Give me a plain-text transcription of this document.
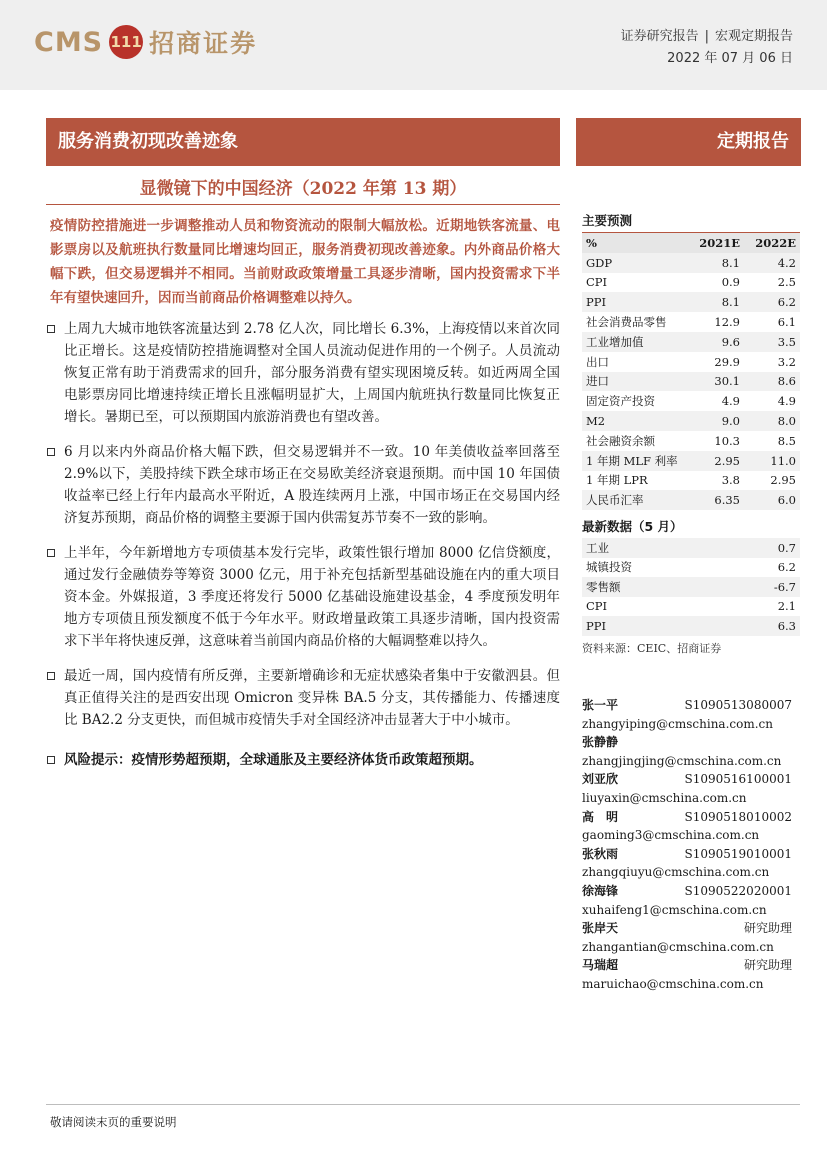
CMS 111 招商证券	证券研究报告 | 宏观定期报告
2022 年 07 月 06 日
服务消费初现改善迹象	定期报告
显微镜下的中国经济（2022 年第 13 期）
疫情防控措施进一步调整推动人员和物资流动的限制大幅放松。近期地铁客流量、电影票房以及航班执行数量同比增速均回正，服务消费初现改善迹象。内外商品价格大幅下跌，但交易逻辑并不相同。当前财政政策增量工具逐步清晰，国内投资需求下半年有望快速回升，因而当前商品价格调整难以持久。
上周九大城市地铁客流量达到 2.78 亿人次，同比增长 6.3%，上海疫情以来首次同比正增长。这是疫情防控措施调整对全国人员流动促进作用的一个例子。人员流动恢复正常有助于消费需求的回升，部分服务消费有望实现困境反转。如近两周全国电影票房同比增速持续正增长且涨幅明显扩大，上周国内航班执行数量同比恢复正增长。暑期已至，可以预期国内旅游消费也有望改善。
6 月以来内外商品价格大幅下跌，但交易逻辑并不一致。10 年美债收益率回落至 2.9%以下，美股持续下跌全球市场正在交易欧美经济衰退预期。而中国 10 年国债收益率已经上行年内最高水平附近，A 股连续两月上涨，中国市场正在交易国内经济复苏预期，商品价格的调整主要源于国内供需复苏节奏不一致的影响。
上半年，今年新增地方专项债基本发行完毕，政策性银行增加 8000 亿信贷额度，通过发行金融债券等筹资 3000 亿元，用于补充包括新型基础设施在内的重大项目资本金。外媒报道，3 季度还将发行 5000 亿基础设施建设基金，4 季度预发明年地方专项债且预发额度不低于今年水平。财政增量政策工具逐步清晰，国内投资需求下半年将快速反弹，这意味着当前国内商品价格的大幅调整难以持久。
最近一周，国内疫情有所反弹，主要新增确诊和无症状感染者集中于安徽泗县。但真正值得关注的是西安出现 Omicron 变异株 BA.5 分支，其传播能力、传播速度比 BA2.2 分支更快，而但城市疫情失手对全国经济冲击显著大于中小城市。
风险提示：疫情形势超预期，全球通胀及主要经济体货币政策超预期。
主要预测
%	2021E	2022E
GDP	8.1	4.2
CPI	0.9	2.5
PPI	8.1	6.2
社会消费品零售	12.9	6.1
工业增加值	9.6	3.5
出口	29.9	3.2
进口	30.1	8.6
固定资产投资	4.9	4.9
M2	9.0	8.0
社会融资余额	10.3	8.5
1 年期 MLF 利率	2.95	11.0
1 年期 LPR	3.8	2.95
人民币汇率	6.35	6.0
最新数据（5 月）
工业	0.7
城镇投资	6.2
零售额	-6.7
CPI	2.1
PPI	6.3
资料来源：CEIC、招商证券
张一平	S1090513080007
zhangyiping@cmschina.com.cn
张静静
zhangjingjing@cmschina.com.cn
刘亚欣	S1090516100001
liuyaxin@cmschina.com.cn
高　明	S1090518010002
gaoming3@cmschina.com.cn
张秋雨	S1090519010001
zhangqiuyu@cmschina.com.cn
徐海锋	S1090522020001
xuhaifeng1@cmschina.com.cn
张岸天	研究助理
zhangantian@cmschina.com.cn
马瑞超	研究助理
maruichao@cmschina.com.cn
敬请阅读末页的重要说明
